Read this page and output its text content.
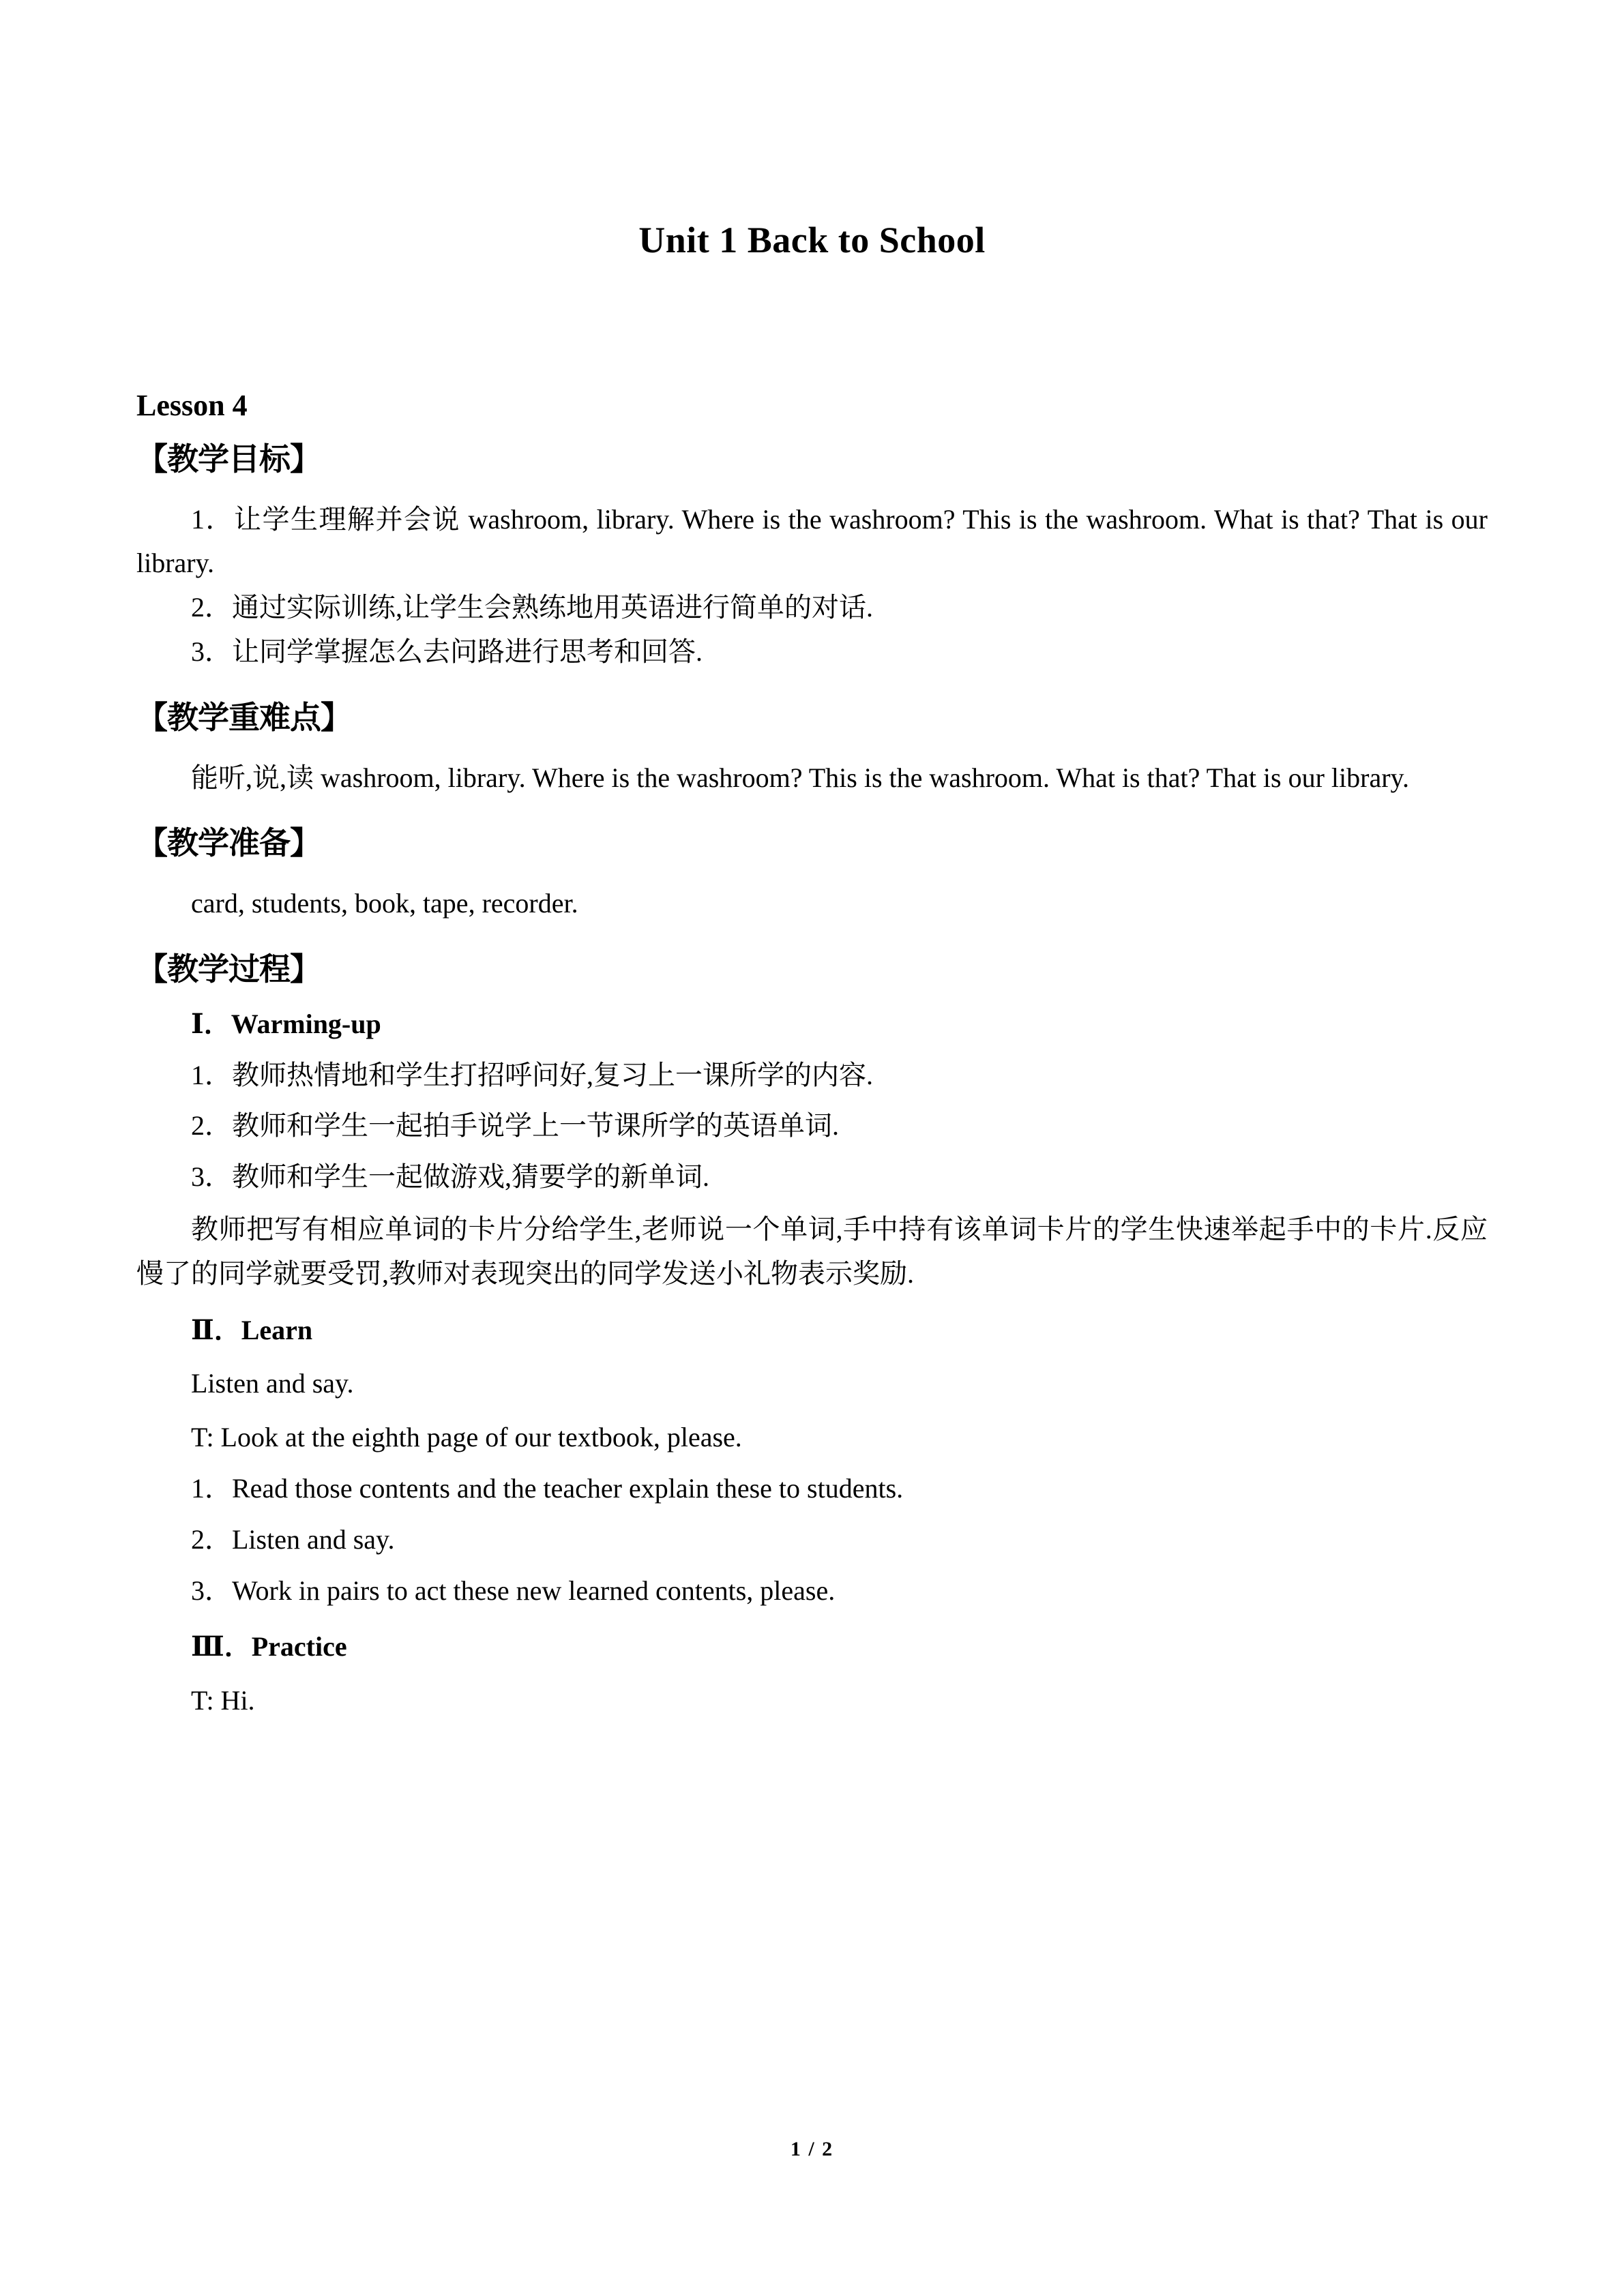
Unit 1 Back to School
Lesson 4
【教学目标】

1．让学生理解并会说 washroom, library. Where is the washroom? This is the washroom. What is that? That is our library.

2．通过实际训练,让学生会熟练地用英语进行简单的对话.

3．让同学掌握怎么去问路进行思考和回答.

【教学重难点】

能听,说,读 washroom, library. Where is the washroom? This is the washroom. What is that? That is our library.

【教学准备】

card, students, book, tape, recorder.

【教学过程】

Ⅰ．Warming-up

1．教师热情地和学生打招呼问好,复习上一课所学的内容.

2．教师和学生一起拍手说学上一节课所学的英语单词.

3．教师和学生一起做游戏,猜要学的新单词.

教师把写有相应单词的卡片分给学生,老师说一个单词,手中持有该单词卡片的学生快速举起手中的卡片.反应慢了的同学就要受罚,教师对表现突出的同学发送小礼物表示奖励.

Ⅱ．Learn

Listen and say.

T: Look at the eighth page of our textbook, please.

1．Read those contents and the teacher explain these to students.

2．Listen and say.

3．Work in pairs to act these new learned contents, please.

Ⅲ．Practice

T: Hi.

1 / 2
